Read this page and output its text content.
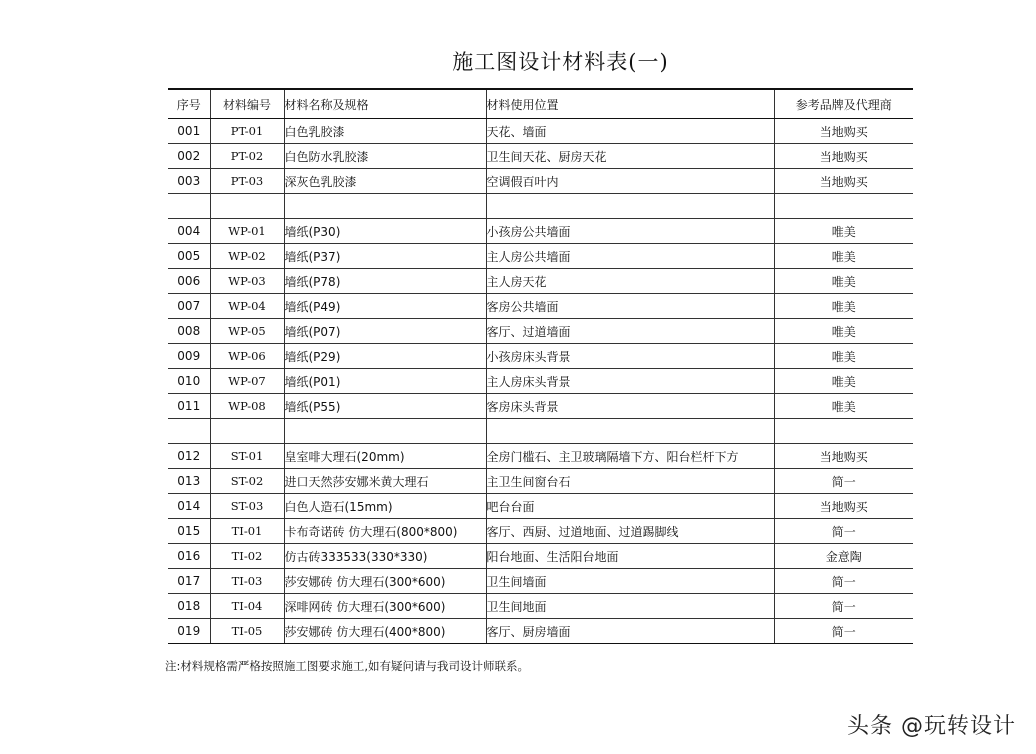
施工图设计材料表(一)
序号	材料编号	材料名称及规格	材料使用位置	参考品牌及代理商
001	PT-01	白色乳胶漆	天花、墙面	当地购买
002	PT-02	白色防水乳胶漆	卫生间天花、厨房天花	当地购买
003	PT-03	深灰色乳胶漆	空调假百叶内	当地购买

004	WP-01	墙纸(P30)	小孩房公共墙面	唯美
005	WP-02	墙纸(P37)	主人房公共墙面	唯美
006	WP-03	墙纸(P78)	主人房天花	唯美
007	WP-04	墙纸(P49)	客房公共墙面	唯美
008	WP-05	墙纸(P07)	客厅、过道墙面	唯美
009	WP-06	墙纸(P29)	小孩房床头背景	唯美
010	WP-07	墙纸(P01)	主人房床头背景	唯美
011	WP-08	墙纸(P55)	客房床头背景	唯美

012	ST-01	皇室啡大理石(20mm)	全房门槛石、主卫玻璃隔墙下方、阳台栏杆下方	当地购买
013	ST-02	进口天然莎安娜米黄大理石	主卫生间窗台石	简一
014	ST-03	白色人造石(15mm)	吧台台面	当地购买
015	TI-01	卡布奇诺砖 仿大理石(800*800)	客厅、西厨、过道地面、过道踢脚线	简一
016	TI-02	仿古砖333533(330*330)	阳台地面、生活阳台地面	金意陶
017	TI-03	莎安娜砖 仿大理石(300*600)	卫生间墙面	简一
018	TI-04	深啡网砖 仿大理石(300*600)	卫生间地面	简一
019	TI-05	莎安娜砖 仿大理石(400*800)	客厅、厨房墙面	简一
注:材料规格需严格按照施工图要求施工,如有疑问请与我司设计师联系。
头条 @玩转设计
